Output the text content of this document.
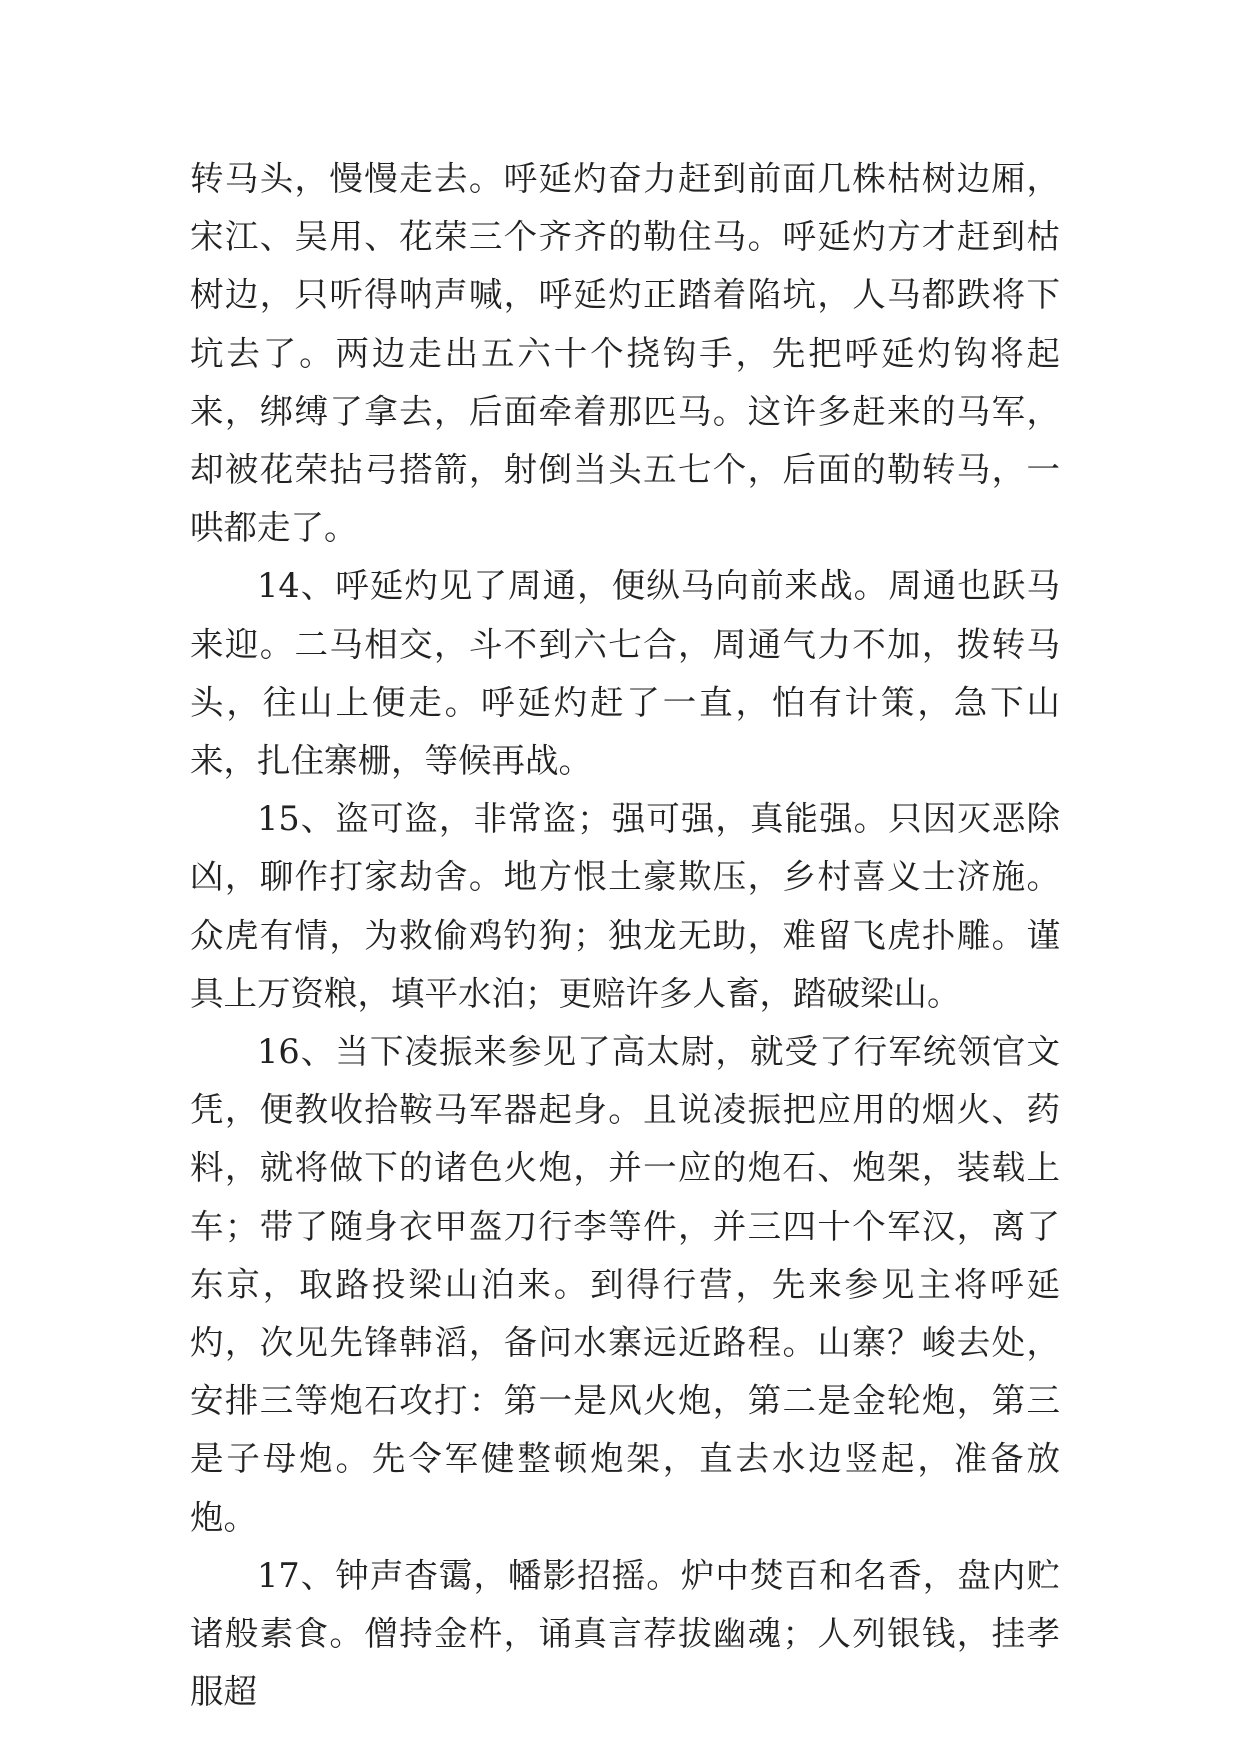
转马头，慢慢走去。呼延灼奋力赶到前面几株枯树边厢，宋江、吴用、花荣三个齐齐的勒住马。呼延灼方才赶到枯树边，只听得呐声喊，呼延灼正踏着陷坑，人马都跌将下坑去了。两边走出五六十个挠钩手，先把呼延灼钩将起来，绑缚了拿去，后面牵着那匹马。这许多赶来的马军，却被花荣拈弓搭箭，射倒当头五七个，后面的勒转马，一哄都走了。

14、呼延灼见了周通，便纵马向前来战。周通也跃马来迎。二马相交，斗不到六七合，周通气力不加，拨转马头，往山上便走。呼延灼赶了一直，怕有计策，急下山来，扎住寨栅，等候再战。

15、盗可盗，非常盗；强可强，真能强。只因灭恶除凶，聊作打家劫舍。地方恨土豪欺压，乡村喜义士济施。众虎有情，为救偷鸡钓狗；独龙无助，难留飞虎扑雕。谨具上万资粮，填平水泊；更赔许多人畜，踏破梁山。

16、当下凌振来参见了高太尉，就受了行军统领官文凭，便教收拾鞍马军器起身。且说凌振把应用的烟火、药料，就将做下的诸色火炮，并一应的炮石、炮架，装载上车；带了随身衣甲盔刀行李等件，并三四十个军汉，离了东京，取路投梁山泊来。到得行营，先来参见主将呼延灼，次见先锋韩滔，备问水寨远近路程。山寨？峻去处，安排三等炮石攻打：第一是风火炮，第二是金轮炮，第三是子母炮。先令军健整顿炮架，直去水边竖起，准备放炮。

17、钟声杳霭，幡影招摇。炉中焚百和名香，盘内贮诸般素食。僧持金杵，诵真言荐拔幽魂；人列银钱，挂孝服超
